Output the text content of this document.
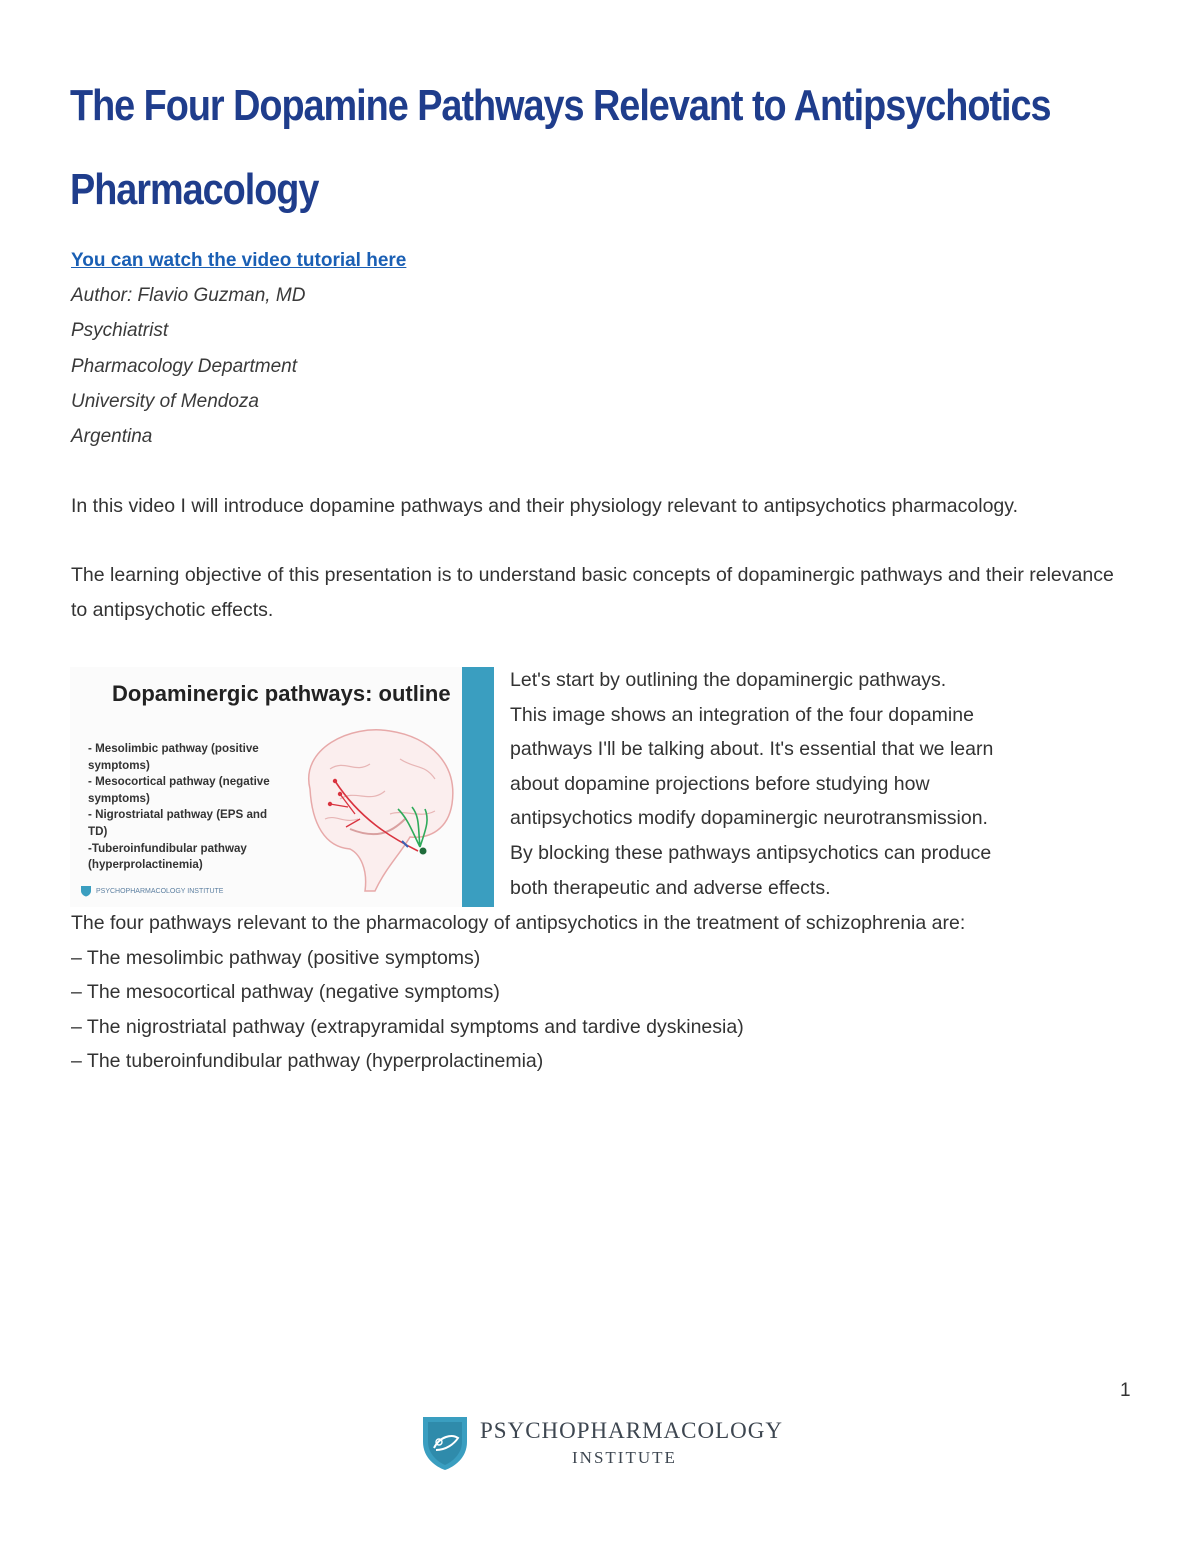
The Four Dopamine Pathways Relevant to Antipsychotics Pharmacology
You can watch the video tutorial here
Author: Flavio Guzman, MD
Psychiatrist
Pharmacology Department
University of Mendoza
Argentina

In this video I will introduce dopamine pathways and their physiology relevant to antipsychotics pharmacology.

The learning objective of this presentation is to understand basic concepts of dopaminergic pathways and their relevance to antipsychotic effects.

Dopaminergic pathways: outline
- Mesolimbic pathway (positive
symptoms)
- Mesocortical pathway (negative
symptoms)
- Nigrostriatal pathway (EPS and
TD)
-Tuberoinfundibular pathway
(hyperprolactinemia)
PSYCHOPHARMACOLOGY INSTITUTE
Let's start by outlining the dopaminergic pathways.
This image shows an integration of the four dopamine
pathways I'll be talking about. It's essential that we learn
about dopamine projections before studying how
antipsychotics modify dopaminergic neurotransmission.
By blocking these pathways antipsychotics can produce
both therapeutic and adverse effects.
The four pathways relevant to the pharmacology of antipsychotics in the treatment of schizophrenia are:
– The mesolimbic pathway (positive symptoms)
– The mesocortical pathway (negative symptoms)
– The nigrostriatal pathway (extrapyramidal symptoms and tardive dyskinesia)
– The tuberoinfundibular pathway (hyperprolactinemia)
1
PSYCHOPHARMACOLOGY
INSTITUTE
